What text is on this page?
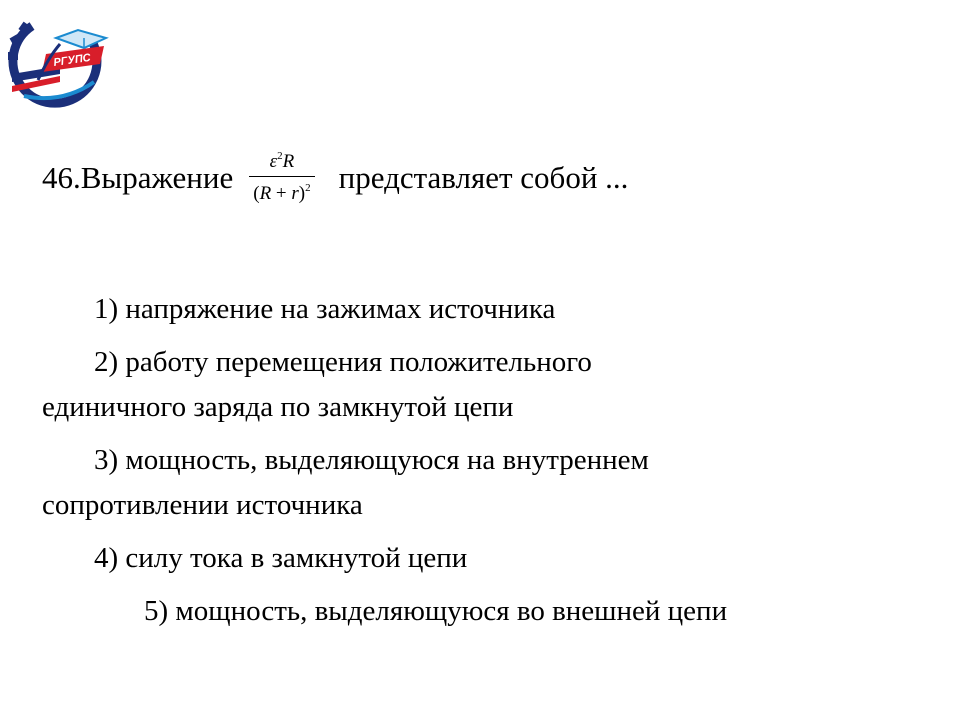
РГУПС
46.Выражение $\frac{\varepsilon^2R}{(R + r)^2}$ представляет собой ...
1) напряжение на зажимах источника
2) работу перемещения положительного
единичного заряда по замкнутой цепи
3) мощность, выделяющуюся на внутреннем
сопротивлении источника
4) силу тока в замкнутой цепи
5) мощность, выделяющуюся во внешней цепи
